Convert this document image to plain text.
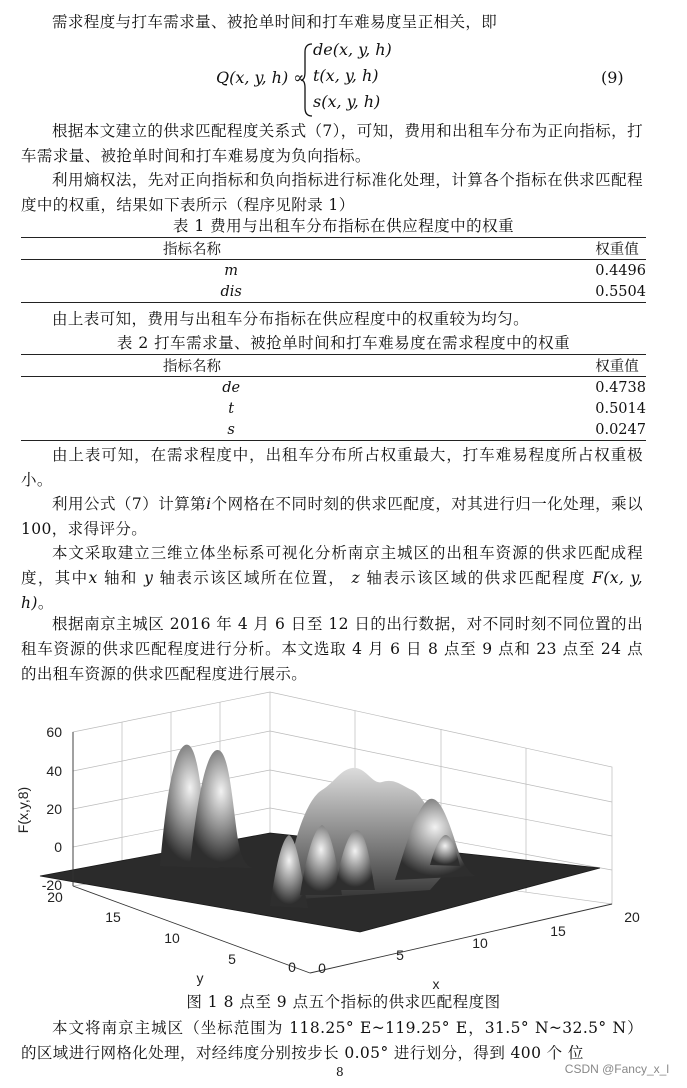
需求程度与打车需求量、被抢单时间和打车难易度呈正相关，即
Q(x, y, h) ∝
de(x, y, h)
t(x, y, h)
s(x, y, h)
(9)
根据本文建立的供求匹配程度关系式（7），可知，费用和出租车分布为正向指标，打车需求量、被抢单时间和打车难易度为负向指标。
利用熵权法，先对正向指标和负向指标进行标准化处理，计算各个指标在供求匹配程度中的权重，结果如下表所示（程序见附录 1）
表 1 费用与出租车分布指标在供应程度中的权重
指标名称	权重值
m	0.4496
dis	0.5504
由上表可知，费用与出租车分布指标在供应程度中的权重较为均匀。
表 2 打车需求量、被抢单时间和打车难易度在需求程度中的权重
指标名称	权重值
de	0.4738
t	0.5014
s	0.0247
由上表可知，在需求程度中，出租车分布所占权重最大，打车难易程度所占权重极小。
利用公式（7）计算第i个网格在不同时刻的供求匹配度，对其进行归一化处理，乘以 100，求得评分。
本文采取建立三维立体坐标系可视化分析南京主城区的出租车资源的供求匹配成程度，其中x 轴和 y 轴表示该区域所在位置， z 轴表示该区域的供求匹配程度 F(x, y, h)。
根据南京主城区 2016 年 4 月 6 日至 12 日的出行数据，对不同时刻不同位置的出租车资源的供求匹配程度进行分析。本文选取 4 月 6 日 8 点至 9 点和 23 点至 24 点的出租车资源的供求匹配程度进行展示。
60
40
20
0
-20
F(x,y,8)
20
15
10
5	0
y
0
5
10
15
20
x
图 1 8 点至 9 点五个指标的供求匹配程度图
本文将南京主城区（坐标范围为 118.25° E~119.25° E，31.5° N~32.5° N）的区域进行网格化处理，对经纬度分别按步长 0.05° 进行划分，得到 400 个 位
8	CSDN @Fancy_x_l
